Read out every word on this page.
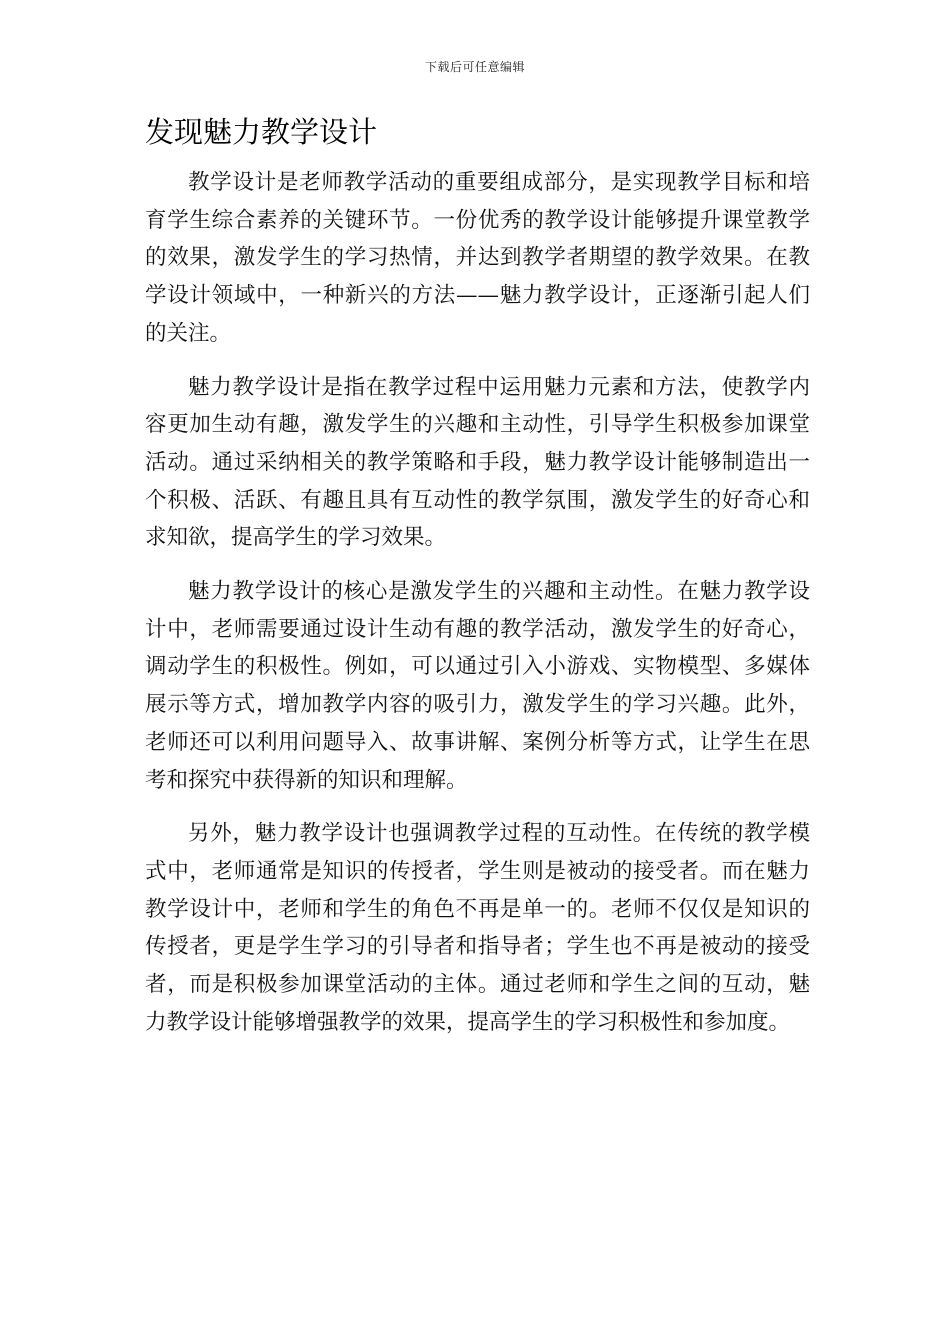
下载后可任意编辑
发现魅力教学设计

教学设计是老师教学活动的重要组成部分，是实现教学目标和培育学生综合素养的关键环节。一份优秀的教学设计能够提升课堂教学的效果，激发学生的学习热情，并达到教学者期望的教学效果。在教学设计领域中，一种新兴的方法——魅力教学设计，正逐渐引起人们的关注。

魅力教学设计是指在教学过程中运用魅力元素和方法，使教学内容更加生动有趣，激发学生的兴趣和主动性，引导学生积极参加课堂活动。通过采纳相关的教学策略和手段，魅力教学设计能够制造出一个积极、活跃、有趣且具有互动性的教学氛围，激发学生的好奇心和求知欲，提高学生的学习效果。

魅力教学设计的核心是激发学生的兴趣和主动性。在魅力教学设计中，老师需要通过设计生动有趣的教学活动，激发学生的好奇心，调动学生的积极性。例如，可以通过引入小游戏、实物模型、多媒体展示等方式，增加教学内容的吸引力，激发学生的学习兴趣。此外，老师还可以利用问题导入、故事讲解、案例分析等方式，让学生在思考和探究中获得新的知识和理解。

另外，魅力教学设计也强调教学过程的互动性。在传统的教学模式中，老师通常是知识的传授者，学生则是被动的接受者。而在魅力教学设计中，老师和学生的角色不再是单一的。老师不仅仅是知识的传授者，更是学生学习的引导者和指导者；学生也不再是被动的接受者，而是积极参加课堂活动的主体。通过老师和学生之间的互动，魅力教学设计能够增强教学的效果，提高学生的学习积极性和参加度。
